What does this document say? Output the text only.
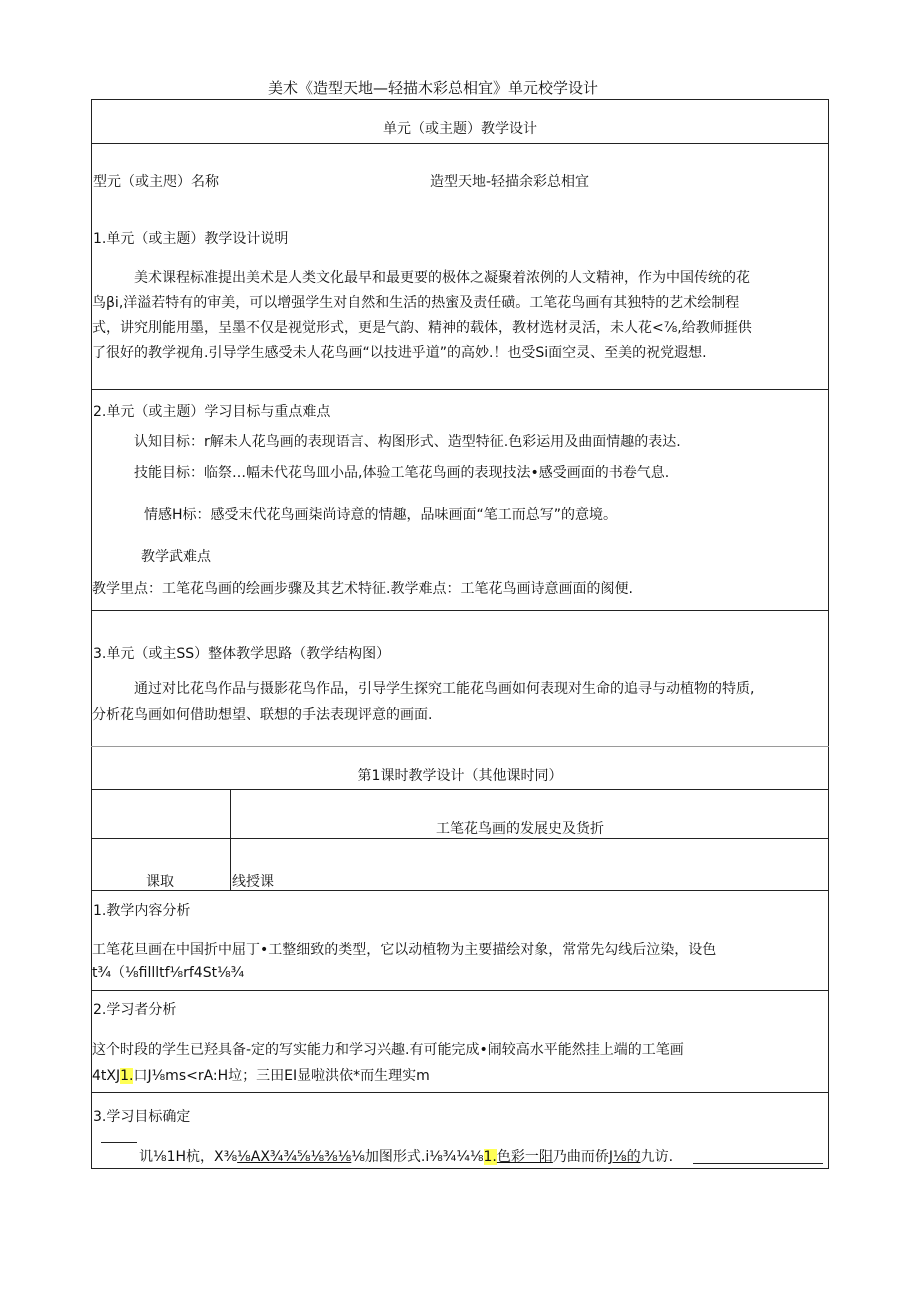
美术《造型天地—轻描木彩总相宜》单元校学设计
单元（或主题）教学设计
型元（或主咫）名称	造型天地-轻描余彩总相宜
1.单元（或主题）教学设计说明
美术课程标准提出美术是人类文化最早和最更要的极体之凝聚着浓例的人文精神，作为中国传统的花
鸟βi,洋溢若特有的审美，可以增强学生对自然和生活的热蜜及责任磺。工笔花鸟画有其独特的艺术绘制程
式，讲究刖能用墨，呈墨不仅是视觉形式，更是气韵、精神的载体，教材选材灵活，未人花<⅞,给教师捱供
了很好的教学视角.引导学生感受未人花鸟画“以技进乎道”的高妙.！也受Si面空灵、至美的祝党遐想.
2.单元（或主题）学习目标与重点难点
认知目标：r解未人花鸟画的表现语言、构图形式、造型特征.色彩运用及曲面情趣的表达.
技能目标：临祭…幅未代花鸟皿小品,体验工笔花鸟画的表现技法•感受画面的书卷气息.
情感H标：感受末代花鸟画柒尚诗意的情趣，品味画面“笔工而总写”的意境。
教学武难点
教学里点：工笔花鸟画的绘画步骤及其艺术特征.教学难点：工笔花鸟画诗意画面的阂便.
3.单元（或主SS）整体教学思路（教学结构图）
通过对比花鸟作品与摄影花鸟作品，引导学生探究工能花鸟画如何表现对生命的追寻与动植物的特质,
分析花鸟画如何借助想望、联想的手法表现评意的画面.
第1课时教学设计（其他课时同）
工笔花鸟画的发展史及货折
课取	线授课
1.教学内容分析
工笔花旦画在中国折中屈丁•工整细致的类型，它以动植物为主要描绘对象，常常先勾线后泣染，设色
t¾（⅛fillltf⅛rf4St⅛¾
2.学习者分析
这个时段的学生已羟具备-定的写实能力和学习兴趣.有可能完成•闹较高水平能然挂上端的工笔画
4tXJ1.口J⅛ms<rA:H垃；三田EI显啦洪依*而生理实m
3.学习目标确定
讥⅛1H杭，X⅜⅛AX¾¾⅝⅛⅜⅛⅛加图形式.i⅛¾¼⅛1.色彩一阳乃曲而侨J⅛的九访.
